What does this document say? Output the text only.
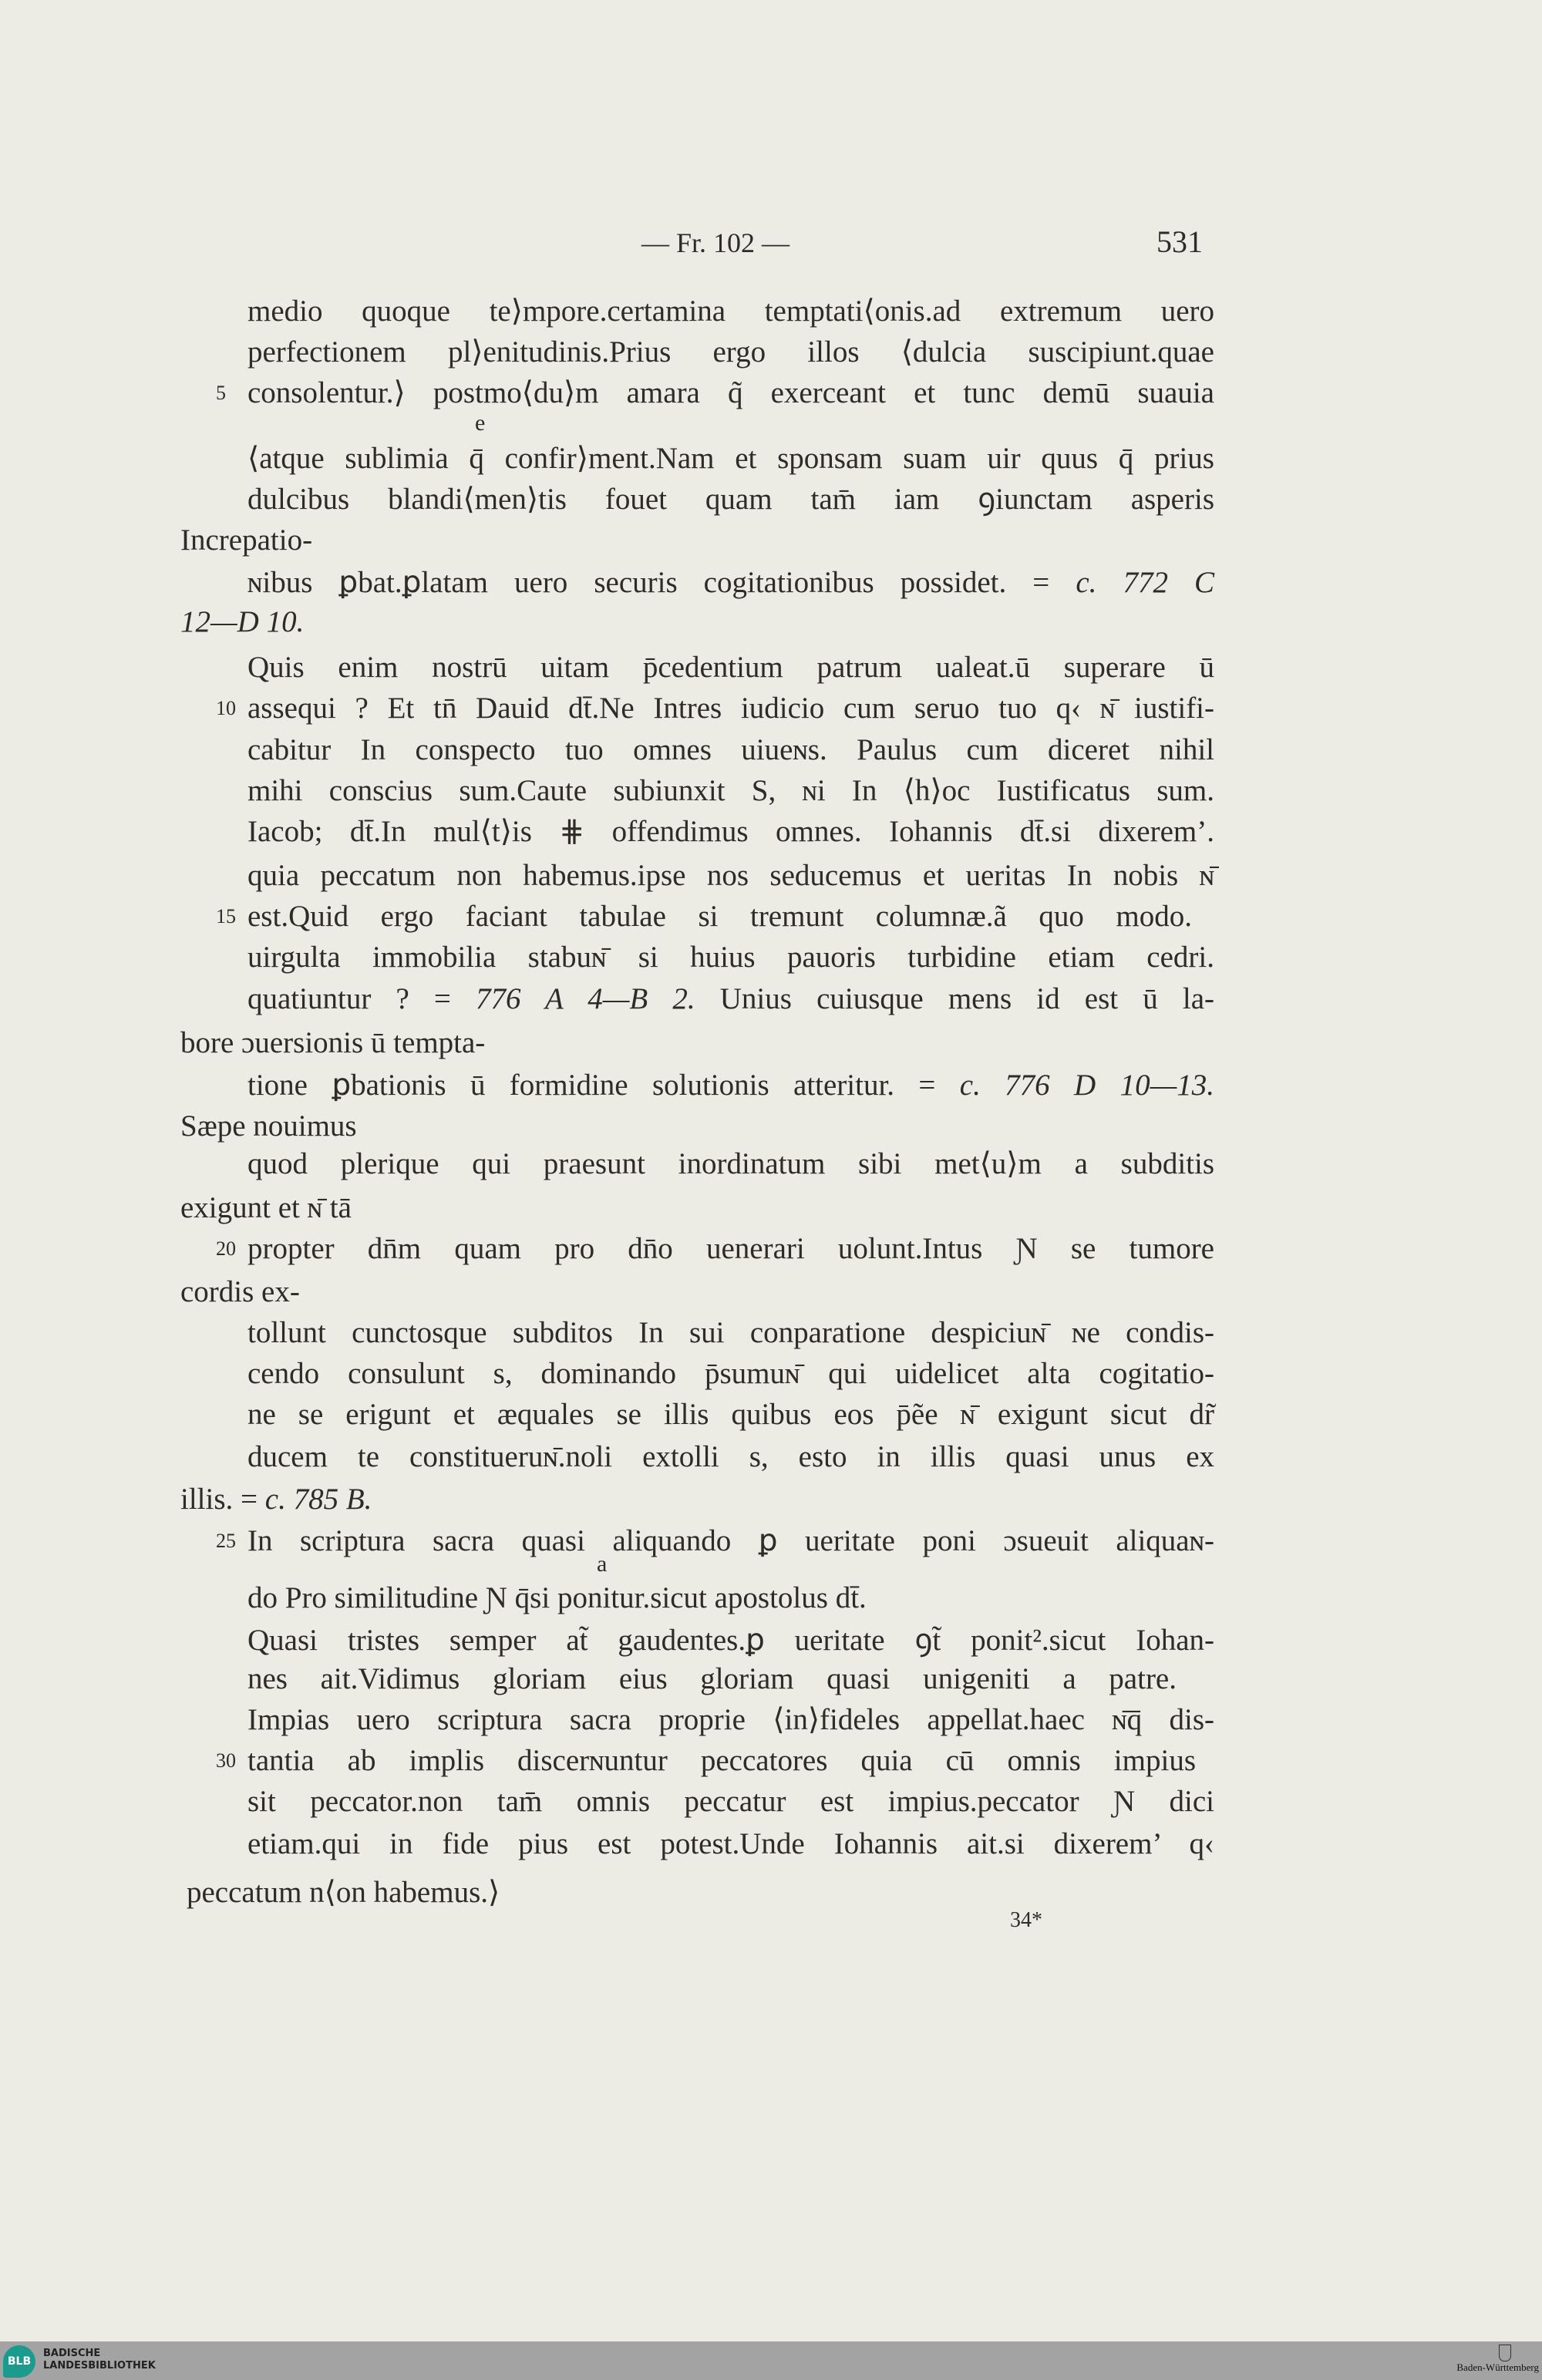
— Fr. 102 —	531
e
a
medio quoque te⟩mpore.certamina temptati⟨onis.ad extremum uero
perfectionem pl⟩enitudinis.Prius ergo illos ⟨dulcia suscipiunt.quae
5 consolentur.⟩ postmo⟨du⟩m amara q̃ exerceant et tunc demū suauia
⟨atque sublimia q̄ confir⟩ment.Nam et sponsam suam uir quus q̄ prius
dulcibus blandi⟨men⟩tis fouet quam tam̄ iam ꝯiunctam asperis
Increpatio-
ɴibus ꝑbat.ꝑlatam uero securis cogitationibus possidet. = c. 772 C
12—D 10.
Quis enim nostrū uitam p̄cedentium patrum ualeat.ū superare ū
10 assequi ? Et tn̄ Dauid dt̄.Ne Intres iudicio cum seruo tuo q‹ ɴ̄ iustifi-
cabitur In conspecto tuo omnes uiueɴs. Paulus cum diceret nihil
mihi conscius sum.Caute subiunxit S, ɴi In ⟨h⟩oc Iustificatus sum.
Iacob; dt̄.In mul⟨t⟩is ⋕ offendimus omnes. Iohannis dt̄.si dixerem’.
quia peccatum non habemus.ipse nos seducemus et ueritas In nobis ɴ̄
15 est.Quid ergo faciant tabulae si tremunt columnæ.ã quo modo.
uirgulta immobilia stabuɴ̄ si huius pauoris turbidine etiam cedri.
quatiuntur ? = 776 A 4—B 2. Unius cuiusque mens id est ū la-
bore ɔuersionis ū tempta-
tione ꝑbationis ū formidine solutionis atteritur. = c. 776 D 10—13.
Sæpe nouimus
quod plerique qui praesunt inordinatum sibi met⟨u⟩m a subditis
exigunt et ɴ̄ tā
20 propter dn̄m quam pro dn̄o uenerari uolunt.Intus Ɲ se tumore
cordis ex-
tollunt cunctosque subditos In sui conparatione despiciuɴ̄ ɴe condis-
cendo consulunt s, dominando p̄sumuɴ̄ qui uidelicet alta cogitatio-
ne se erigunt et æquales se illis quibus eos p̄ẽe ɴ̄ exigunt sicut dr̃
ducem te constitueruɴ̄.noli extolli s, esto in illis quasi unus ex
illis. = c. 785 B.
25 In scriptura sacra quasi aliquando ꝑ ueritate poni ɔsueuit aliquaɴ-
do Pro similitudine Ɲ q̄si ponitur.sicut apostolus dt̄.
Quasi tristes semper at̃ gaudentes.ꝑ ueritate ꝯt̃ ponit².sicut Iohan-
nes ait.Vidimus gloriam eius gloriam quasi unigeniti a patre.
Impias uero scriptura sacra proprie ⟨in⟩fideles appellat.haec ɴ̄q̄ dis-
30 tantia ab implis discerɴuntur peccatores quia cū omnis impius
sit peccator.non tam̄ omnis peccatur est impius.peccator Ɲ dici
etiam.qui in fide pius est potest.Unde Iohannis ait.si dixerem’ q‹
peccatum n⟨on habemus.⟩
34*
BLB
BADISCHE
LANDESBIBLIOTHEK	Baden-Württemberg
